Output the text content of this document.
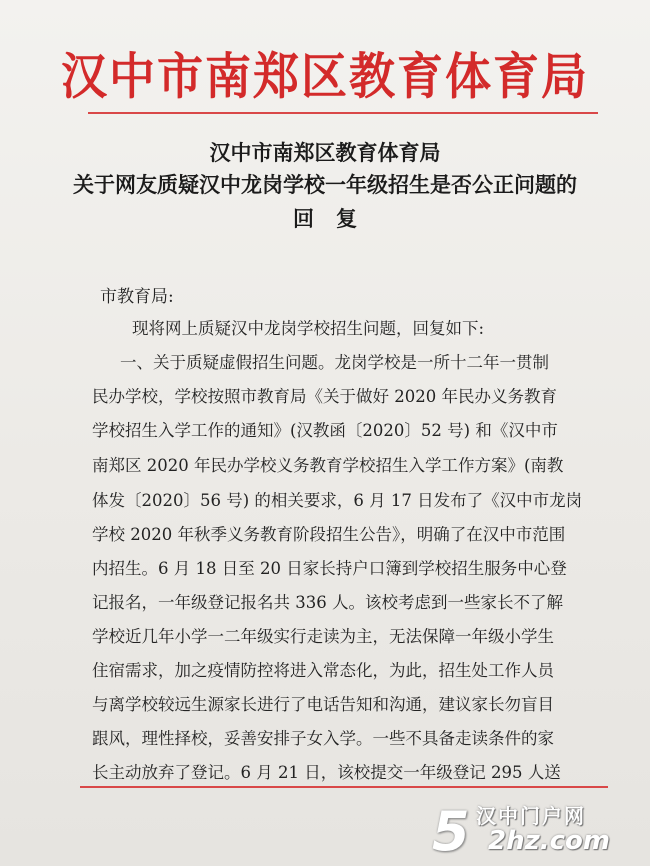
汉中市南郑区教育体育局
汉中市南郑区教育体育局
关于网友质疑汉中龙岗学校一年级招生是否公正问题的
回复
市教育局:
现将网上质疑汉中龙岗学校招生问题，回复如下:
一、关于质疑虚假招生问题。龙岗学校是一所十二年一贯制
民办学校，学校按照市教育局《关于做好 2020 年民办义务教育
学校招生入学工作的通知》(汉教函〔2020〕52 号) 和《汉中市
南郑区 2020 年民办学校义务教育学校招生入学工作方案》(南教
体发〔2020〕56 号) 的相关要求，6 月 17 日发布了《汉中市龙岗
学校 2020 年秋季义务教育阶段招生公告》，明确了在汉中市范围
内招生。6 月 18 日至 20 日家长持户口簿到学校招生服务中心登
记报名，一年级登记报名共 336 人。该校考虑到一些家长不了解
学校近几年小学一二年级实行走读为主，无法保障一年级小学生
住宿需求，加之疫情防控将进入常态化，为此，招生处工作人员
与离学校较远生源家长进行了电话告知和沟通，建议家长勿盲目
跟风，理性择校，妥善安排子女入学。一些不具备走读条件的家
长主动放弃了登记。6 月 21 日，该校提交一年级登记 295 人送
5 汉中门户网
2hz.com
